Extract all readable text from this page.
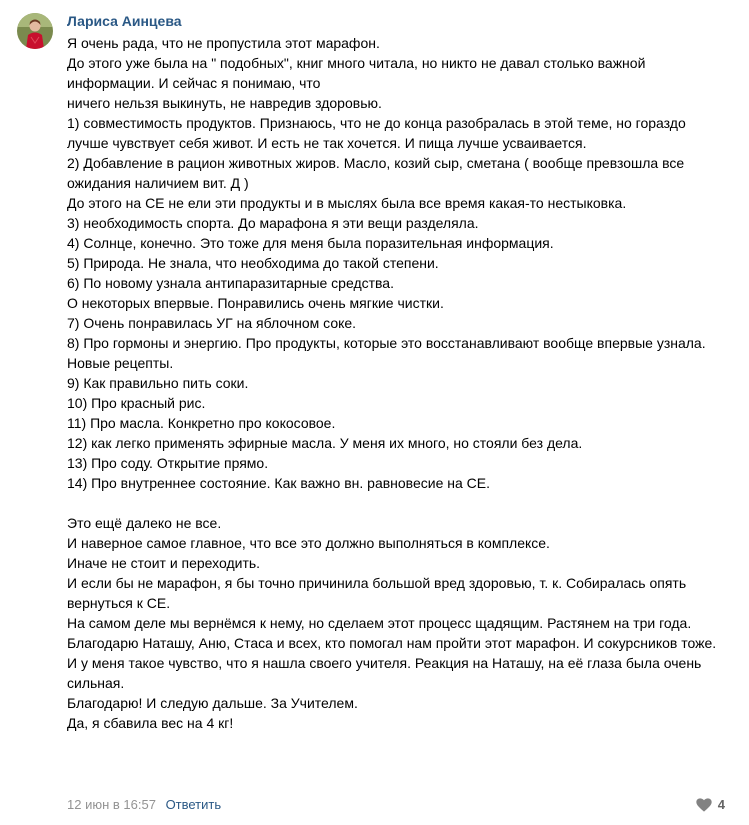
Лариса Аинцева
Я очень рада, что не пропустила этот марафон.
До этого уже была на " подобных", книг много читала, но никто не давал столько важной информации. И сейчас я понимаю, что
ничего нельзя выкинуть, не навредив здоровью.
1) совместимость продуктов. Признаюсь, что не до конца разобралась в этой теме, но гораздо лучше чувствует себя живот. И есть не так хочется. И пища лучше усваивается.
2) Добавление в рацион животных жиров. Масло, козий сыр, сметана ( вообще превзошла все ожидания наличием вит. Д )
До этого на СЕ не ели эти продукты и в мыслях была все время какая-то нестыковка.
3) необходимость спорта. До марафона я эти вещи разделяла.
4) Солнце, конечно. Это тоже для меня была поразительная информация.
5) Природа. Не знала, что необходима до такой степени.
6) По новому узнала антипаразитарные средства.
О некоторых впервые. Понравились очень мягкие чистки.
7) Очень понравилась УГ на яблочном соке.
8) Про гормоны и энергию. Про продукты, которые это восстанавливают вообще впервые узнала.
Новые рецепты.
9) Как правильно пить соки.
10) Про красный рис.
11) Про масла. Конкретно про кокосовое.
12) как легко применять эфирные масла. У меня их много, но стояли без дела.
13) Про соду. Открытие прямо.
14) Про внутреннее состояние. Как важно вн. равновесие на СЕ.
Это ещё далеко не все.
И наверное самое главное, что все это должно выполняться в комплексе.
Иначе не стоит и переходить.
И если бы не марафон, я бы точно причинила большой вред здоровью, т. к. Собиралась опять вернуться к СЕ.
На самом деле мы вернёмся к нему, но сделаем этот процесс щадящим. Растянем на три года.
Благодарю Наташу, Аню, Стаса и всех, кто помогал нам пройти этот марафон. И сокурсников тоже.
И у меня такое чувство, что я нашла своего учителя. Реакция на Наташу, на её глаза была очень сильная.
Благодарю! И следую дальше. За Учителем.
Да, я сбавила вес на 4 кг!
12 июн в 16:57 Ответить	4
